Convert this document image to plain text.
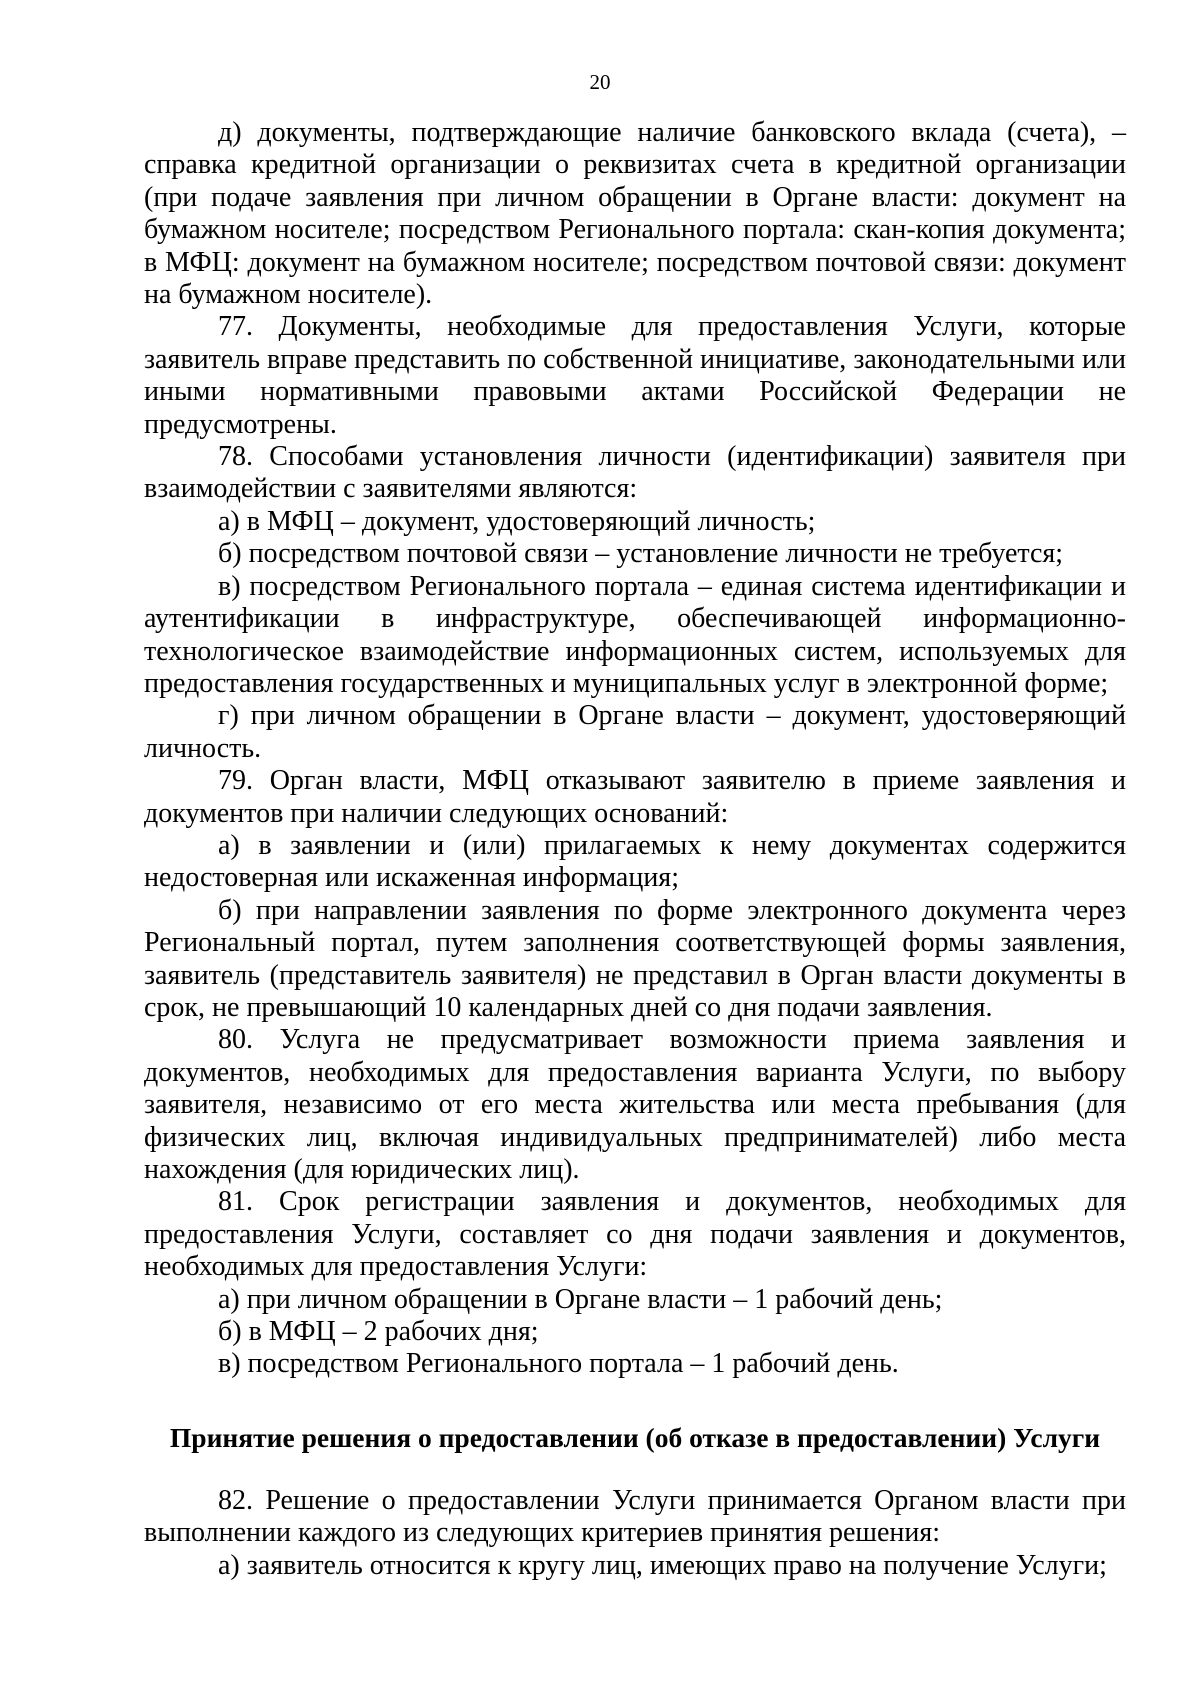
20

д) документы, подтверждающие наличие банковского вклада (счета), – справка кредитной организации о реквизитах счета в кредитной организации (при подаче заявления при личном обращении в Органе власти: документ на бумажном носителе; посредством Регионального портала: скан-копия документа; в МФЦ: документ на бумажном носителе; посредством почтовой связи: документ на бумажном носителе).

77. Документы, необходимые для предоставления Услуги, которые заявитель вправе представить по собственной инициативе, законодательными или иными нормативными правовыми актами Российской Федерации не предусмотрены.

78. Способами установления личности (идентификации) заявителя при взаимодействии с заявителями являются:

а) в МФЦ – документ, удостоверяющий личность;

б) посредством почтовой связи – установление личности не требуется;

в) посредством Регионального портала – единая система идентификации и аутентификации в инфраструктуре, обеспечивающей информационно-технологическое взаимодействие информационных систем, используемых для предоставления государственных и муниципальных услуг в электронной форме;

г) при личном обращении в Органе власти – документ, удостоверяющий личность.

79. Орган власти, МФЦ отказывают заявителю в приеме заявления и документов при наличии следующих оснований:

а) в заявлении и (или) прилагаемых к нему документах содержится недостоверная или искаженная информация;

б) при направлении заявления по форме электронного документа через Региональный портал, путем заполнения соответствующей формы заявления, заявитель (представитель заявителя) не представил в Орган власти документы в срок, не превышающий 10 календарных дней со дня подачи заявления.

80. Услуга не предусматривает возможности приема заявления и документов, необходимых для предоставления варианта Услуги, по выбору заявителя, независимо от его места жительства или места пребывания (для физических лиц, включая индивидуальных предпринимателей) либо места нахождения (для юридических лиц).

81. Срок регистрации заявления и документов, необходимых для предоставления Услуги, составляет со дня подачи заявления и документов, необходимых для предоставления Услуги:

а) при личном обращении в Органе власти – 1 рабочий день;

б) в МФЦ – 2 рабочих дня;

в) посредством Регионального портала – 1 рабочий день.

Принятие решения о предоставлении (об отказе в предоставлении) Услуги

82. Решение о предоставлении Услуги принимается Органом власти при выполнении каждого из следующих критериев принятия решения:

а) заявитель относится к кругу лиц, имеющих право на получение Услуги;
